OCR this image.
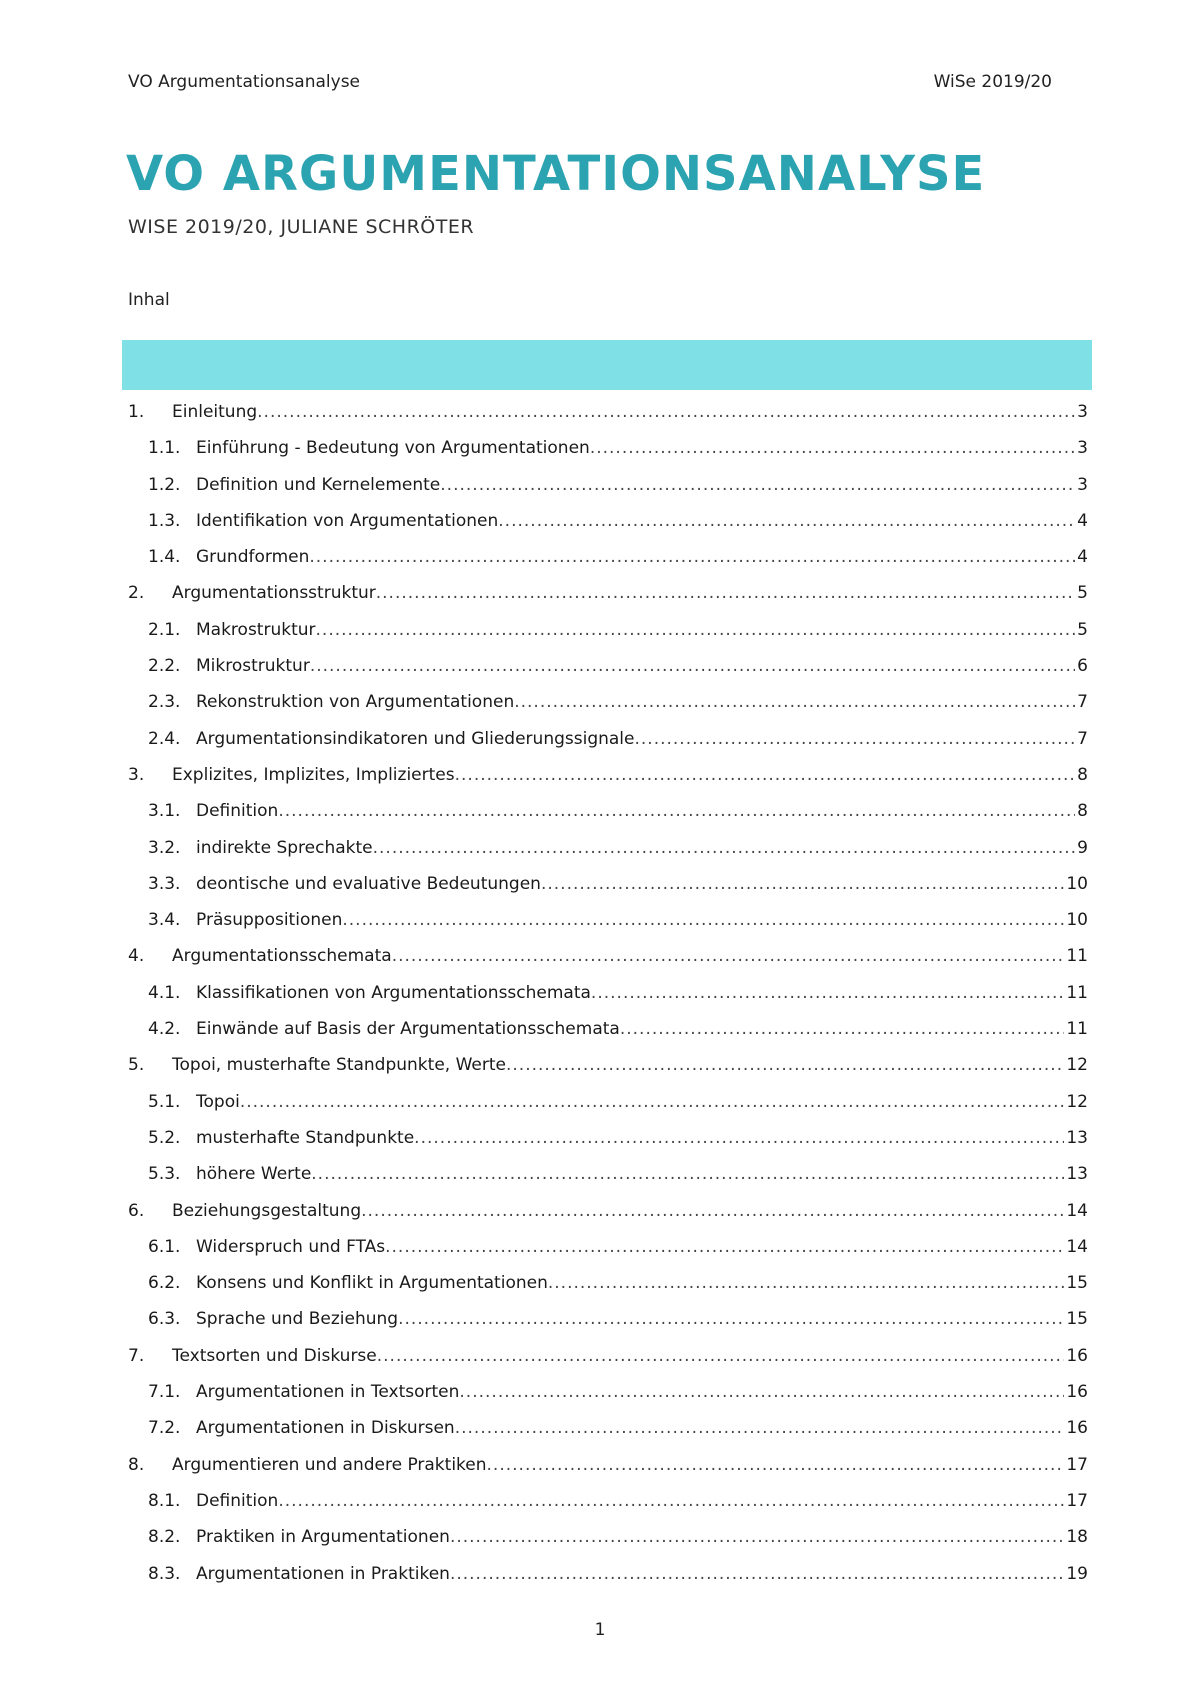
VO Argumentationsanalyse	WiSe 2019/20
VO ARGUMENTATIONSANALYSE
WISE 2019/20, JULIANE SCHRÖTER
Inhal
1.	Einleitung .....	3
1.1. Einführung - Bedeutung von Argumentationen .....	3
1.2. Definition und Kernelemente .....	3
1.3. Identifikation von Argumentationen .....	4
1.4. Grundformen .....	4
2.	Argumentationsstruktur .....	5
2.1. Makrostruktur .....	5
2.2. Mikrostruktur .....	6
2.3. Rekonstruktion von Argumentationen .....	7
2.4. Argumentationsindikatoren und Gliederungssignale .....	7
3.	Explizites, Implizites, Impliziertes .....	8
3.1. Definition .....	8
3.2. indirekte Sprechakte .....	9
3.3. deontische und evaluative Bedeutungen .....	10
3.4. Präsuppositionen .....	10
4.	Argumentationsschemata .....	11
4.1. Klassifikationen von Argumentationsschemata .....	11
4.2. Einwände auf Basis der Argumentationsschemata .....	11
5.	Topoi, musterhafte Standpunkte, Werte .....	12
5.1. Topoi .....	12
5.2. musterhafte Standpunkte .....	13
5.3. höhere Werte .....	13
6.	Beziehungsgestaltung .....	14
6.1. Widerspruch und FTAs .....	14
6.2. Konsens und Konflikt in Argumentationen .....	15
6.3. Sprache und Beziehung .....	15
7.	Textsorten und Diskurse .....	16
7.1. Argumentationen in Textsorten .....	16
7.2. Argumentationen in Diskursen .....	16
8.	Argumentieren und andere Praktiken .....	17
8.1. Definition .....	17
8.2. Praktiken in Argumentationen .....	18
8.3. Argumentationen in Praktiken .....	19
1
